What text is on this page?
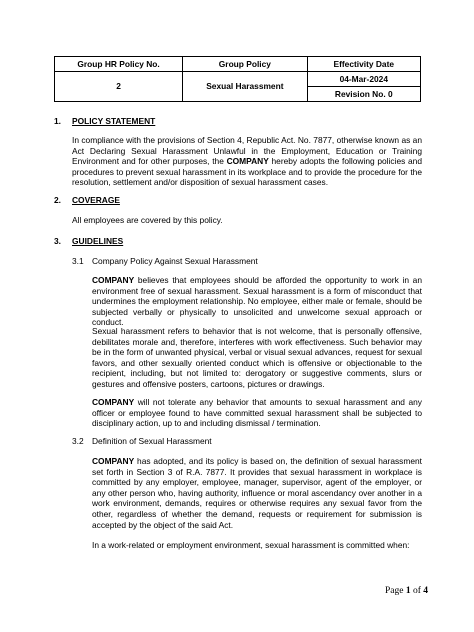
Group HR Policy No.	Group Policy	Effectivity Date
2	Sexual Harassment	04-Mar-2024
		Revision No. 0
1. POLICY STATEMENT

In compliance with the provisions of Section 4, Republic Act. No. 7877, otherwise known as an Act Declaring Sexual Harassment Unlawful in the Employment, Education or Training Environment and for other purposes, the COMPANY hereby adopts the following policies and procedures to prevent sexual harassment in its workplace and to provide the procedure for the resolution, settlement and/or disposition of sexual harassment cases.

2. COVERAGE

All employees are covered by this policy.

3. GUIDELINES
3.1 Company Policy Against Sexual Harassment

COMPANY believes that employees should be afforded the opportunity to work in an environment free of sexual harassment. Sexual harassment is a form of misconduct that undermines the employment relationship. No employee, either male or female, should be subjected verbally or physically to unsolicited and unwelcome sexual approach or conduct.

Sexual harassment refers to behavior that is not welcome, that is personally offensive, debilitates morale and, therefore, interferes with work effectiveness. Such behavior may be in the form of unwanted physical, verbal or visual sexual advances, request for sexual favors, and other sexually oriented conduct which is offensive or objectionable to the recipient, including, but not limited to: derogatory or suggestive comments, slurs or gestures and offensive posters, cartoons, pictures or drawings.

COMPANY will not tolerate any behavior that amounts to sexual harassment and any officer or employee found to have committed sexual harassment shall be subjected to disciplinary action, up to and including dismissal / termination.

3.2 Definition of Sexual Harassment

COMPANY has adopted, and its policy is based on, the definition of sexual harassment set forth in Section 3 of R.A. 7877. It provides that sexual harassment in workplace is committed by any employer, employee, manager, supervisor, agent of the employer, or any other person who, having authority, influence or moral ascendancy over another in a work environment, demands, requires or otherwise requires any sexual favor from the other, regardless of whether the demand, requests or requirement for submission is accepted by the object of the said Act.

In a work-related or employment environment, sexual harassment is committed when:

Page 1 of 4
